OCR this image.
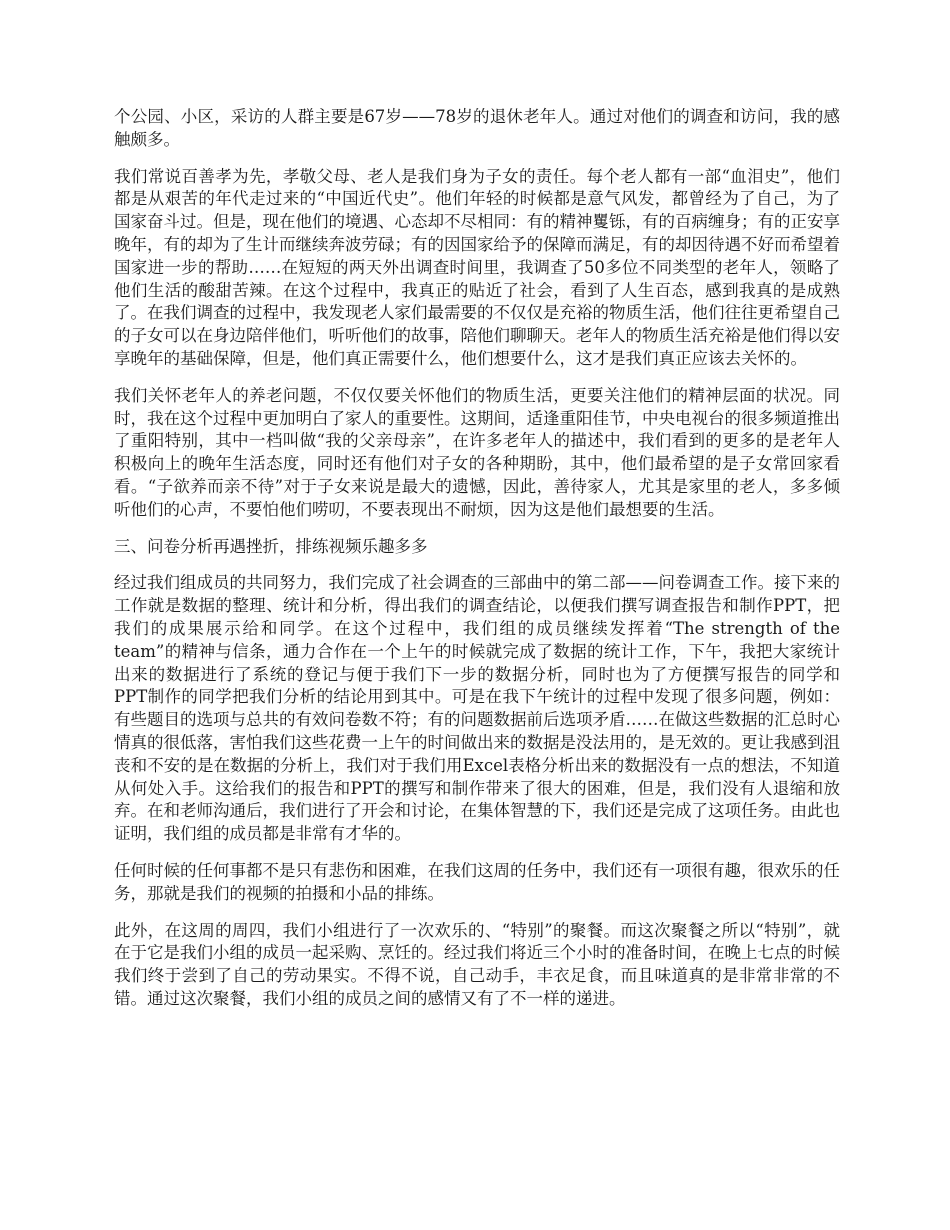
个公园、小区，采访的人群主要是67岁——78岁的退休老年人。通过对他们的调查和访问，我的感触颇多。

我们常说百善孝为先，孝敬父母、老人是我们身为子女的责任。每个老人都有一部“血泪史”，他们都是从艰苦的年代走过来的“中国近代史”。他们年轻的时候都是意气风发，都曾经为了自己，为了国家奋斗过。但是，现在他们的境遇、心态却不尽相同：有的精神矍铄，有的百病缠身；有的正安享晚年，有的却为了生计而继续奔波劳碌；有的因国家给予的保障而满足，有的却因待遇不好而希望着国家进一步的帮助……在短短的两天外出调查时间里，我调查了50多位不同类型的老年人，领略了他们生活的酸甜苦辣。在这个过程中，我真正的贴近了社会，看到了人生百态，感到我真的是成熟了。在我们调查的过程中，我发现老人家们最需要的不仅仅是充裕的物质生活，他们往往更希望自己的子女可以在身边陪伴他们，听听他们的故事，陪他们聊聊天。老年人的物质生活充裕是他们得以安享晚年的基础保障，但是，他们真正需要什么，他们想要什么，这才是我们真正应该去关怀的。

我们关怀老年人的养老问题，不仅仅要关怀他们的物质生活，更要关注他们的精神层面的状况。同时，我在这个过程中更加明白了家人的重要性。这期间，适逢重阳佳节，中央电视台的很多频道推出了重阳特别，其中一档叫做“我的父亲母亲”，在许多老年人的描述中，我们看到的更多的是老年人积极向上的晚年生活态度，同时还有他们对子女的各种期盼，其中，他们最希望的是子女常回家看看。“子欲养而亲不待”对于子女来说是最大的遗憾，因此，善待家人，尤其是家里的老人，多多倾听他们的心声，不要怕他们唠叨，不要表现出不耐烦，因为这是他们最想要的生活。

三、问卷分析再遇挫折，排练视频乐趣多多

经过我们组成员的共同努力，我们完成了社会调查的三部曲中的第二部——问卷调查工作。接下来的工作就是数据的整理、统计和分析，得出我们的调查结论，以便我们撰写调查报告和制作PPT，把我们的成果展示给和同学。在这个过程中，我们组的成员继续发挥着“The strength of the team”的精神与信条，通力合作在一个上午的时候就完成了数据的统计工作，下午，我把大家统计出来的数据进行了系统的登记与便于我们下一步的数据分析，同时也为了方便撰写报告的同学和PPT制作的同学把我们分析的结论用到其中。可是在我下午统计的过程中发现了很多问题，例如：有些题目的选项与总共的有效问卷数不符；有的问题数据前后选项矛盾……在做这些数据的汇总时心情真的很低落，害怕我们这些花费一上午的时间做出来的数据是没法用的，是无效的。更让我感到沮丧和不安的是在数据的分析上，我们对于我们用Excel表格分析出来的数据没有一点的想法，不知道从何处入手。这给我们的报告和PPT的撰写和制作带来了很大的困难，但是，我们没有人退缩和放弃。在和老师沟通后，我们进行了开会和讨论，在集体智慧的下，我们还是完成了这项任务。由此也证明，我们组的成员都是非常有才华的。

任何时候的任何事都不是只有悲伤和困难，在我们这周的任务中，我们还有一项很有趣，很欢乐的任务，那就是我们的视频的拍摄和小品的排练。

此外，在这周的周四，我们小组进行了一次欢乐的、“特别”的聚餐。而这次聚餐之所以“特别”，就在于它是我们小组的成员一起采购、烹饪的。经过我们将近三个小时的准备时间，在晚上七点的时候我们终于尝到了自己的劳动果实。不得不说，自己动手，丰衣足食，而且味道真的是非常非常的不错。通过这次聚餐，我们小组的成员之间的感情又有了不一样的递进。
